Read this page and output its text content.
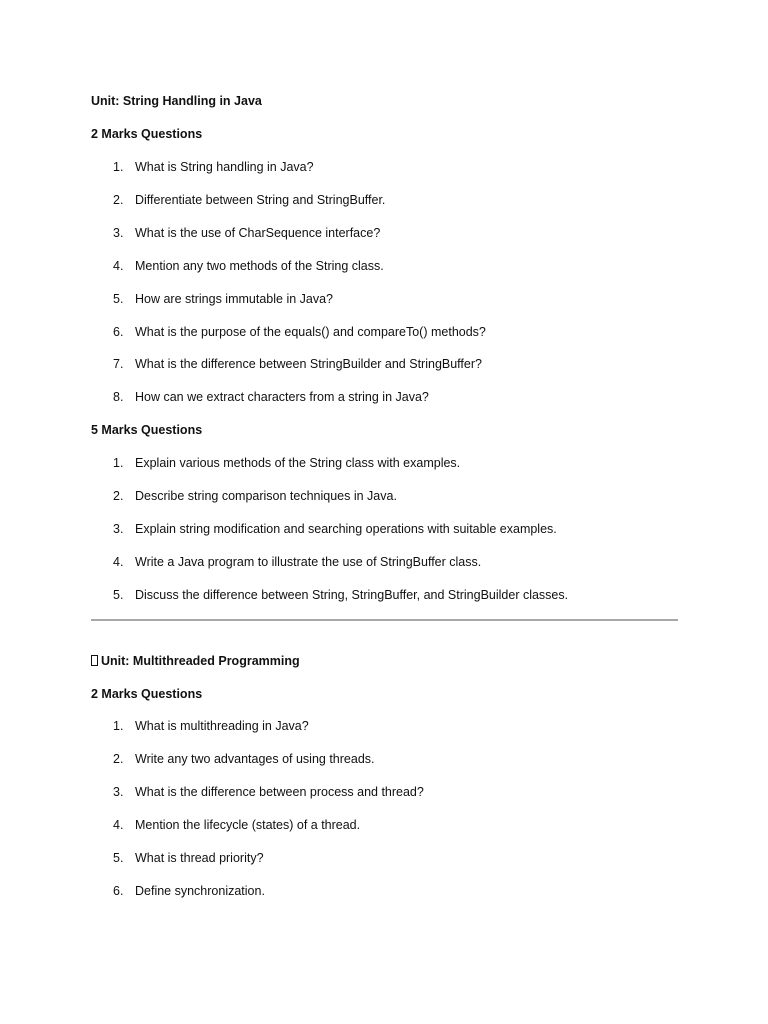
Unit: String Handling in Java
2 Marks Questions
1. What is String handling in Java?
2. Differentiate between String and StringBuffer.
3. What is the use of CharSequence interface?
4. Mention any two methods of the String class.
5. How are strings immutable in Java?
6. What is the purpose of the equals() and compareTo() methods?
7. What is the difference between StringBuilder and StringBuffer?
8. How can we extract characters from a string in Java?
5 Marks Questions
1. Explain various methods of the String class with examples.
2. Describe string comparison techniques in Java.
3. Explain string modification and searching operations with suitable examples.
4. Write a Java program to illustrate the use of StringBuffer class.
5. Discuss the difference between String, StringBuffer, and StringBuilder classes.
Unit: Multithreaded Programming
2 Marks Questions
1. What is multithreading in Java?
2. Write any two advantages of using threads.
3. What is the difference between process and thread?
4. Mention the lifecycle (states) of a thread.
5. What is thread priority?
6. Define synchronization.
